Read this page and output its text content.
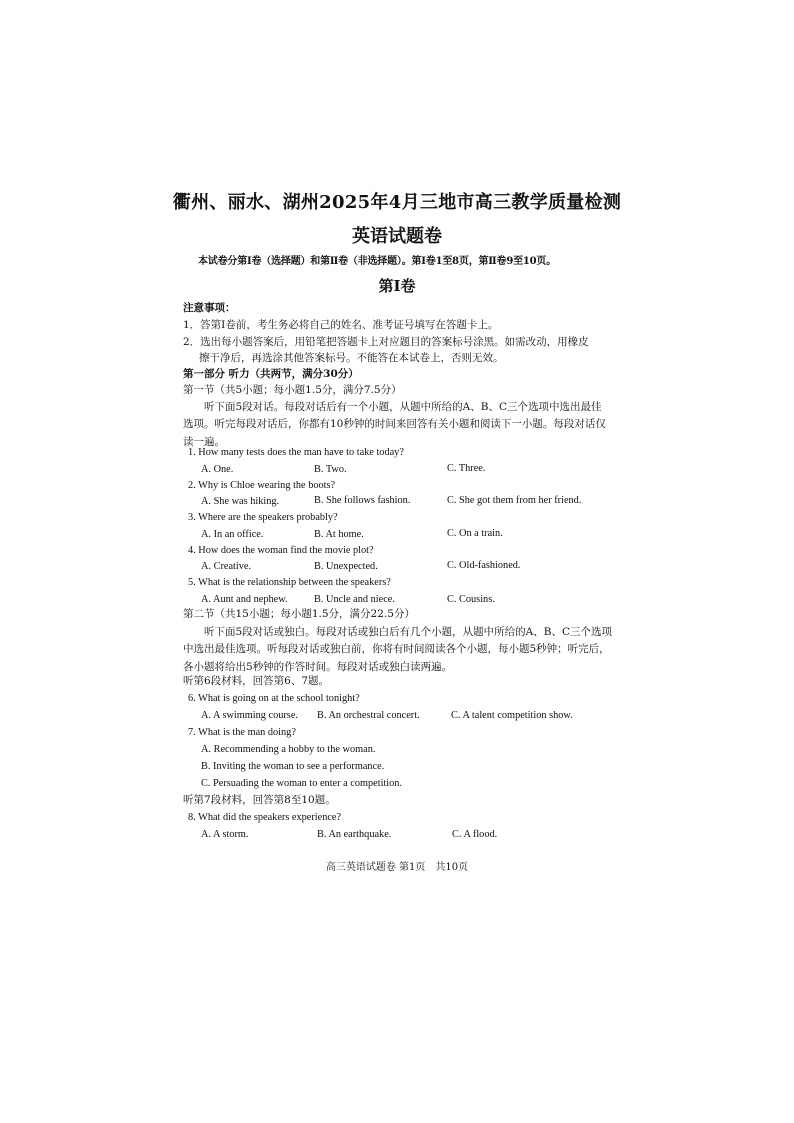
衢州、丽水、湖州2025年4月三地市高三教学质量检测
英语试题卷
本试卷分第Ⅰ卷（选择题）和第Ⅱ卷（非选择题）。第Ⅰ卷1至8页，第Ⅱ卷9至10页。
第Ⅰ卷
注意事项：
1．答第Ⅰ卷前，考生务必将自己的姓名、准考证号填写在答题卡上。
2．选出每小题答案后，用铅笔把答题卡上对应题目的答案标号涂黑。如需改动，用橡皮
擦干净后，再选涂其他答案标号。不能答在本试卷上，否则无效。
第一部分 听力（共两节，满分30分）
第一节（共5小题；每小题1.5分，满分7.5分）
听下面5段对话。每段对话后有一个小题，从题中所给的A、B、C三个选项中选出最佳选项。听完每段对话后，你都有10秒钟的时间来回答有关小题和阅读下一小题。每段对话仅读一遍。
1. How many tests does the man have to take today?
A. One.	B. Two.	C. Three.
2. Why is Chloe wearing the boots?
A. She was hiking.	B. She follows fashion.	C. She got them from her friend.
3. Where are the speakers probably?
A. In an office.	B. At home.	C. On a train.
4. How does the woman find the movie plot?
A. Creative.	B. Unexpected.	C. Old-fashioned.
5. What is the relationship between the speakers?
A. Aunt and nephew.	B. Uncle and niece.	C. Cousins.
第二节（共15小题；每小题1.5分，满分22.5分）
听下面5段对话或独白。每段对话或独白后有几个小题，从题中所给的A、B、C三个选项中选出最佳选项。听每段对话或独白前，你将有时间阅读各个小题，每小题5秒钟；听完后，各小题将给出5秒钟的作答时间。每段对话或独白读两遍。
听第6段材料，回答第6、7题。
6. What is going on at the school tonight?
A. A swimming course. B. An orchestral concert.	C. A talent competition show.
7. What is the man doing?
A. Recommending a hobby to the woman.
B. Inviting the woman to see a performance.
C. Persuading the woman to enter a competition.
听第7段材料，回答第8至10题。
8. What did the speakers experience?
A. A storm.	B. An earthquake.	C. A flood.
高三英语试题卷 第1页　共10页
